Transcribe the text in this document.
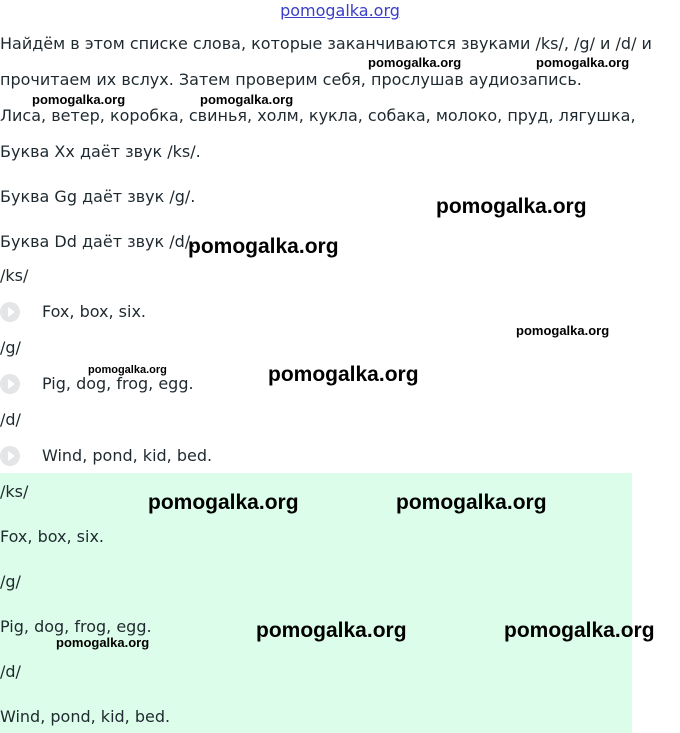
pomogalka.org
Найдём в этом списке слова, которые заканчиваются звуками /ks/, /g/ и /d/ и
прочитаем их вслух. Затем проверим себя, прослушав аудиозапись.
Лиса, ветер, коробка, свинья, холм, кукла, собака, молоко, пруд, лягушка,
Буква Хх даёт звук /ks/.
Буква Gg даёт звук /g/.
Буква Dd даёт звук /d/.
/ks/
Fox, box, six.
/g/
Pig, dog, frog, egg.
/d/
Wind, pond, kid, bed.
/ks/
Fox, box, six.
/g/
Pig, dog, frog, egg.
/d/
Wind, pond, kid, bed.
pomogalka.org	pomogalka.org
pomogalka.org	pomogalka.org
pomogalka.org
pomogalka.org
pomogalka.org
pomogalka.org	pomogalka.org
pomogalka.org	pomogalka.org
pomogalka.org	pomogalka.org
pomogalka.org
